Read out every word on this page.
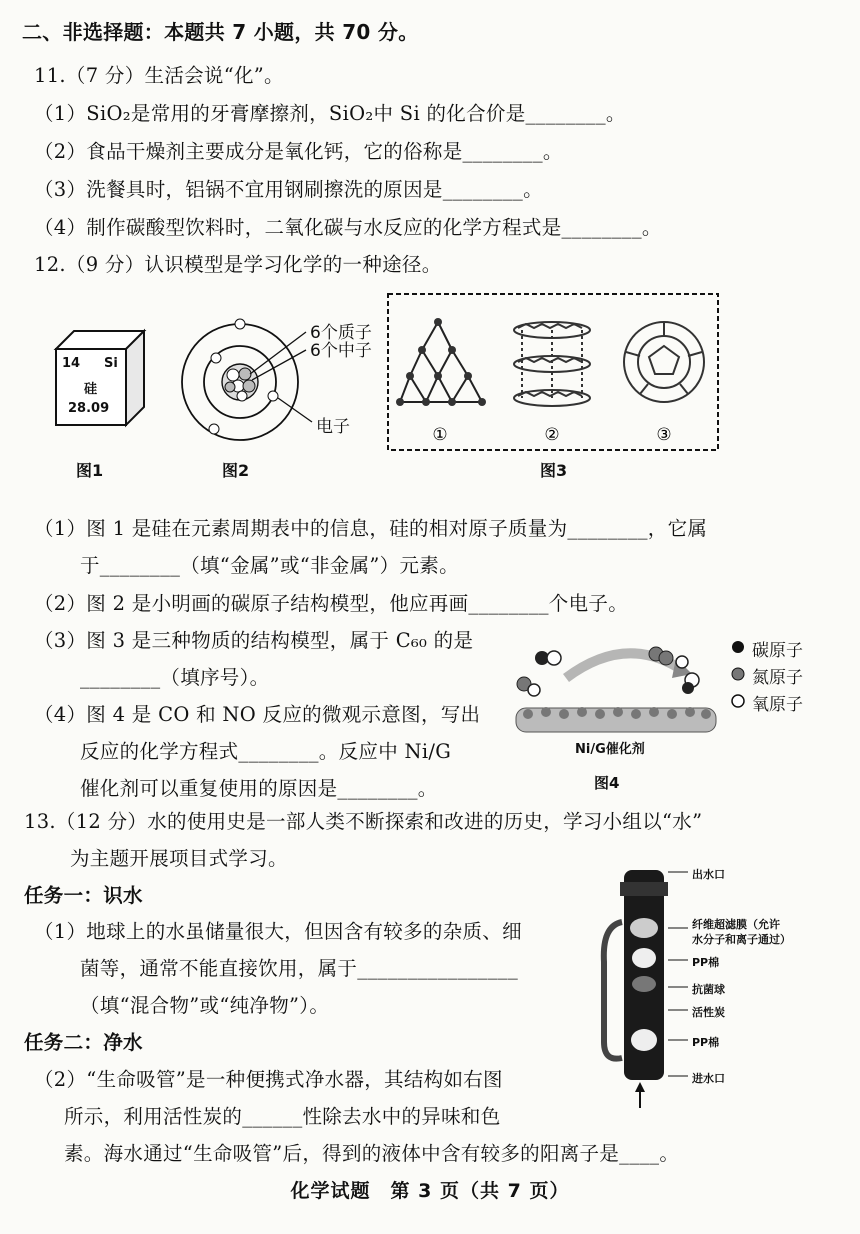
二、非选择题：本题共 7 小题，共 70 分。
11.（7 分）生活会说“化”。
（1）SiO₂是常用的牙膏摩擦剂，SiO₂中 Si 的化合价是________。
（2）食品干燥剂主要成分是氧化钙，它的俗称是________。
（3）洗餐具时，铝锅不宜用钢刷擦洗的原因是________。
（4）制作碳酸型饮料时，二氧化碳与水反应的化学方程式是________。
12.（9 分）认识模型是学习化学的一种途径。
14 Si
硅
28.09
图1
6个质子
6个中子
电子
图2
①	②	③
图3
（1）图 1 是硅在元素周期表中的信息，硅的相对原子质量为________，它属
于________（填“金属”或“非金属”）元素。
（2）图 2 是小明画的碳原子结构模型，他应再画________个电子。
（3）图 3 是三种物质的结构模型，属于 C₆₀ 的是
________（填序号）。
（4）图 4 是 CO 和 NO 反应的微观示意图，写出
反应的化学方程式________。反应中 Ni/G
催化剂可以重复使用的原因是________。
Ni/G催化剂
图4
碳原子
氮原子
氧原子
13.（12 分）水的使用史是一部人类不断探索和改进的历史，学习小组以“水”
为主题开展项目式学习。
任务一：识水
（1）地球上的水虽储量很大，但因含有较多的杂质、细
菌等，通常不能直接饮用，属于________________
（填“混合物”或“纯净物”）。
任务二：净水
（2）“生命吸管”是一种便携式净水器，其结构如右图
所示，利用活性炭的______性除去水中的异味和色
素。海水通过“生命吸管”后，得到的液体中含有较多的阳离子是____。
出水口
纤维超滤膜（允许
水分子和离子通过）
PP棉
抗菌球
活性炭
PP棉
进水口
化学试题　第 3 页（共 7 页）
